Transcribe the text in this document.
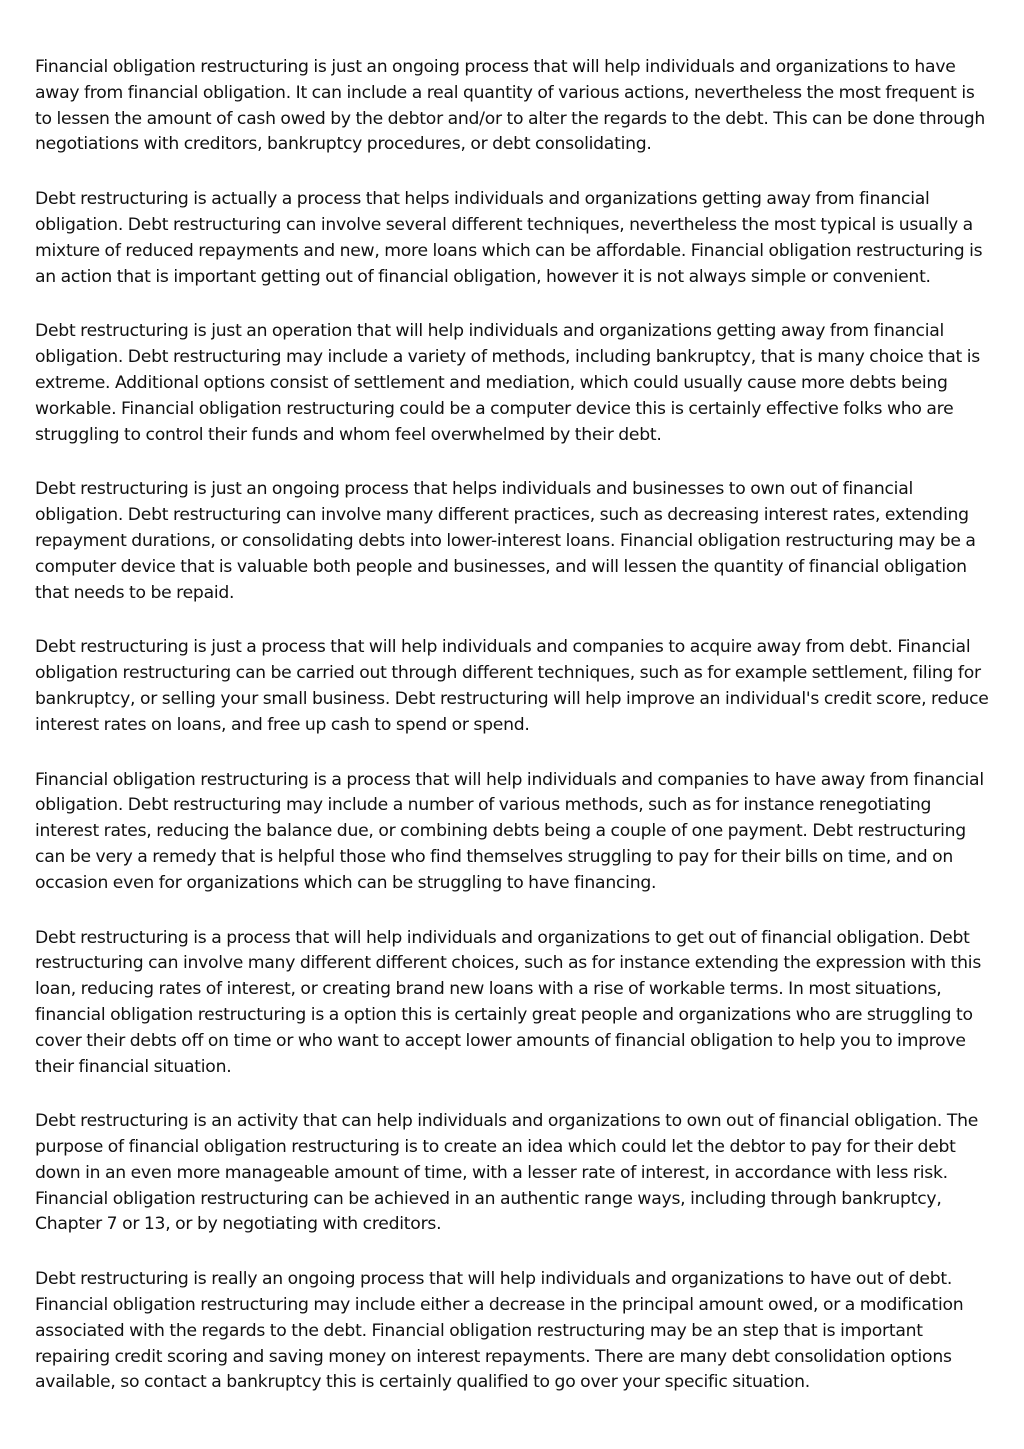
Financial obligation restructuring is just an ongoing process that will help individuals and organizations to have away from financial obligation. It can include a real quantity of various actions, nevertheless the most frequent is to lessen the amount of cash owed by the debtor and/or to alter the regards to the debt. This can be done through negotiations with creditors, bankruptcy procedures, or debt consolidating.

Debt restructuring is actually a process that helps individuals and organizations getting away from financial obligation. Debt restructuring can involve several different techniques, nevertheless the most typical is usually a mixture of reduced repayments and new, more loans which can be affordable. Financial obligation restructuring is an action that is important getting out of financial obligation, however it is not always simple or convenient.

Debt restructuring is just an operation that will help individuals and organizations getting away from financial obligation. Debt restructuring may include a variety of methods, including bankruptcy, that is many choice that is extreme. Additional options consist of settlement and mediation, which could usually cause more debts being workable. Financial obligation restructuring could be a computer device this is certainly effective folks who are struggling to control their funds and whom feel overwhelmed by their debt.

Debt restructuring is just an ongoing process that helps individuals and businesses to own out of financial obligation. Debt restructuring can involve many different practices, such as decreasing interest rates, extending repayment durations, or consolidating debts into lower-interest loans. Financial obligation restructuring may be a computer device that is valuable both people and businesses, and will lessen the quantity of financial obligation that needs to be repaid.

Debt restructuring is just a process that will help individuals and companies to acquire away from debt. Financial obligation restructuring can be carried out through different techniques, such as for example settlement, filing for bankruptcy, or selling your small business. Debt restructuring will help improve an individual's credit score, reduce interest rates on loans, and free up cash to spend or spend.

Financial obligation restructuring is a process that will help individuals and companies to have away from financial obligation. Debt restructuring may include a number of various methods, such as for instance renegotiating interest rates, reducing the balance due, or combining debts being a couple of one payment. Debt restructuring can be very a remedy that is helpful those who find themselves struggling to pay for their bills on time, and on occasion even for organizations which can be struggling to have financing.

Debt restructuring is a process that will help individuals and organizations to get out of financial obligation. Debt restructuring can involve many different different choices, such as for instance extending the expression with this loan, reducing rates of interest, or creating brand new loans with a rise of workable terms. In most situations, financial obligation restructuring is a option this is certainly great people and organizations who are struggling to cover their debts off on time or who want to accept lower amounts of financial obligation to help you to improve their financial situation.

Debt restructuring is an activity that can help individuals and organizations to own out of financial obligation. The purpose of financial obligation restructuring is to create an idea which could let the debtor to pay for their debt down in an even more manageable amount of time, with a lesser rate of interest, in accordance with less risk. Financial obligation restructuring can be achieved in an authentic range ways, including through bankruptcy, Chapter 7 or 13, or by negotiating with creditors.

Debt restructuring is really an ongoing process that will help individuals and organizations to have out of debt. Financial obligation restructuring may include either a decrease in the principal amount owed, or a modification associated with the regards to the debt. Financial obligation restructuring may be an step that is important repairing credit scoring and saving money on interest repayments. There are many debt consolidation options available, so contact a bankruptcy this is certainly qualified to go over your specific situation.
